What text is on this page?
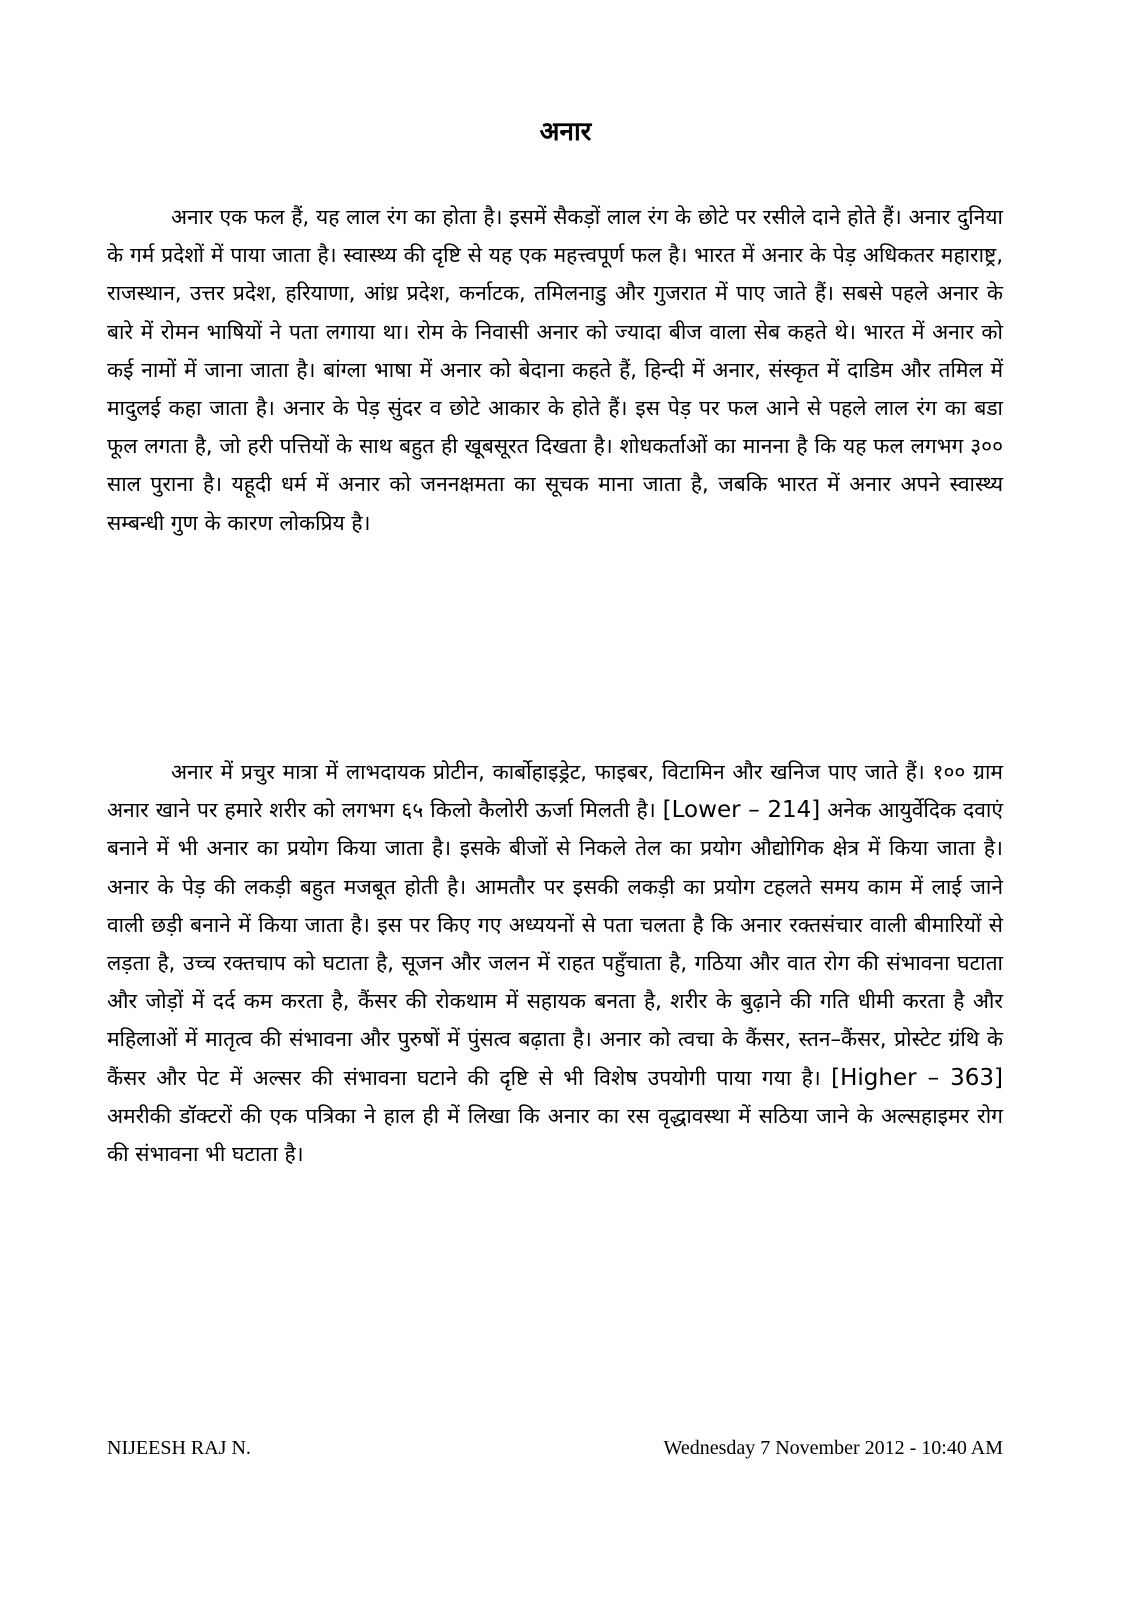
अनार

अनार एक फल हैं, यह लाल रंग का होता है। इसमें सैकड़ों लाल रंग के छोटे पर रसीले दाने होते हैं। अनार दुनिया के गर्म प्रदेशों में पाया जाता है। स्वास्थ्य की दृष्टि से यह एक महत्त्वपूर्ण फल है। भारत में अनार के पेड़ अधिकतर महाराष्ट्र, राजस्थान, उत्तर प्रदेश, हरियाणा, आंध्र प्रदेश, कर्नाटक, तमिलनाडु और गुजरात में पाए जाते हैं। सबसे पहले अनार के बारे में रोमन भाषियों ने पता लगाया था। रोम के निवासी अनार को ज्यादा बीज वाला सेब कहते थे। भारत में अनार को कई नामों में जाना जाता है। बांग्ला भाषा में अनार को बेदाना कहते हैं, हिन्दी में अनार, संस्कृत में दाडिम और तमिल में मादुलई कहा जाता है। अनार के पेड़ सुंदर व छोटे आकार के होते हैं। इस पेड़ पर फल आने से पहले लाल रंग का बडा फूल लगता है, जो हरी पत्तियों के साथ बहुत ही खूबसूरत दिखता है। शोधकर्ताओं का मानना है कि यह फल लगभग ३०० साल पुराना है। यहूदी धर्म में अनार को जननक्षमता का सूचक माना जाता है, जबकि भारत में अनार अपने स्वास्थ्य सम्बन्धी गुण के कारण लोकप्रिय है।

अनार में प्रचुर मात्रा में लाभदायक प्रोटीन, कार्बोहाइड्रेट, फाइबर, विटामिन और खनिज पाए जाते हैं। १०० ग्राम अनार खाने पर हमारे शरीर को लगभग ६५ किलो कैलोरी ऊर्जा मिलती है। [Lower – 214] अनेक आयुर्वेदिक दवाएं बनाने में भी अनार का प्रयोग किया जाता है। इसके बीजों से निकले तेल का प्रयोग औद्योगिक क्षेत्र में किया जाता है। अनार के पेड़ की लकड़ी बहुत मजबूत होती है। आमतौर पर इसकी लकड़ी का प्रयोग टहलते समय काम में लाई जाने वाली छड़ी बनाने में किया जाता है। इस पर किए गए अध्ययनों से पता चलता है कि अनार रक्तसंचार वाली बीमारियों से लड़ता है, उच्च रक्तचाप को घटाता है, सूजन और जलन में राहत पहुँचाता है, गठिया और वात रोग की संभावना घटाता और जोड़ों में दर्द कम करता है, कैंसर की रोकथाम में सहायक बनता है, शरीर के बुढ़ाने की गति धीमी करता है और महिलाओं में मातृत्व की संभावना और पुरुषों में पुंसत्व बढ़ाता है। अनार को त्वचा के कैंसर, स्तन–कैंसर, प्रोस्टेट ग्रंथि के कैंसर और पेट में अल्सर की संभावना घटाने की दृष्टि से भी विशेष उपयोगी पाया गया है। [Higher – 363] अमरीकी डॉक्टरों की एक पत्रिका ने हाल ही में लिखा कि अनार का रस वृद्धावस्था में सठिया जाने के अल्सहाइमर रोग की संभावना भी घटाता है।

NIJEESH RAJ N.	Wednesday 7 November 2012 - 10:40 AM
